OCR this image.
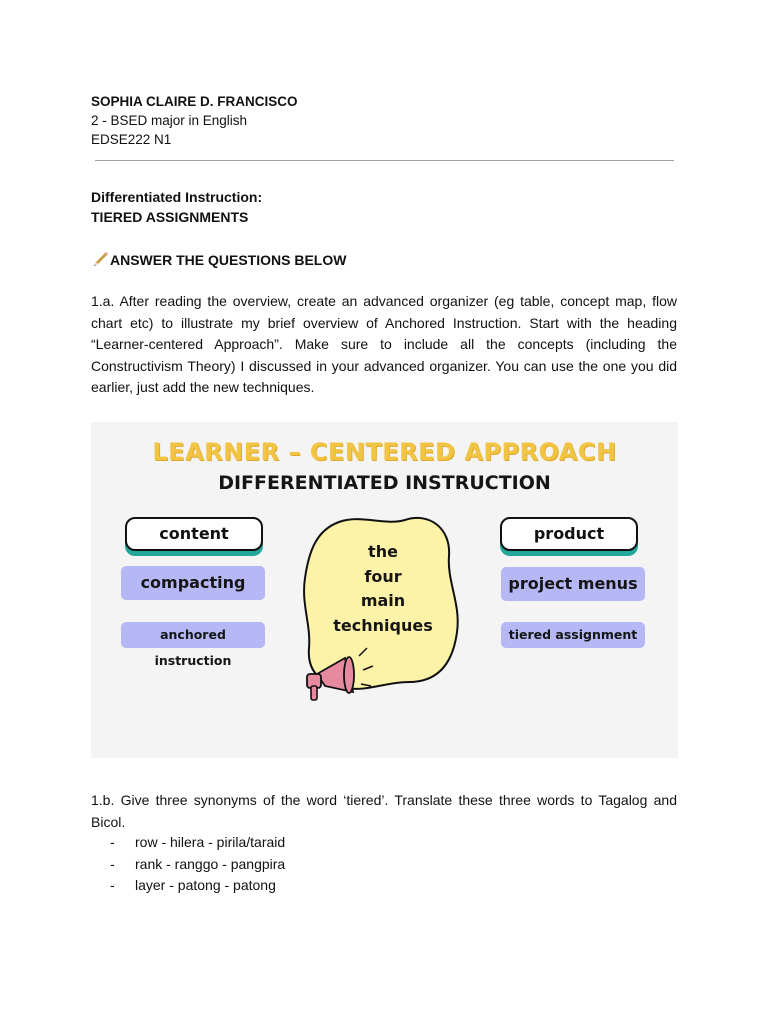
SOPHIA CLAIRE D. FRANCISCO
2 - BSED major in English
EDSE222 N1
Differentiated Instruction:
TIERED ASSIGNMENTS
ANSWER THE QUESTIONS BELOW
1.a. After reading the overview, create an advanced organizer (eg table, concept map, flow chart etc) to illustrate my brief overview of Anchored Instruction. Start with the heading “Learner-centered Approach”. Make sure to include all the concepts (including the Constructivism Theory) I discussed in your advanced organizer. You can use the one you did earlier, just add the new techniques.
LEARNER – CENTERED APPROACH
DIFFERENTIATED INSTRUCTION
content
compacting
anchored instruction
the
four
main
techniques
product
project menus
tiered assignment
1.b. Give three synonyms of the word ‘tiered’. Translate these three words to Tagalog and Bicol.
-	row - hilera - pirila/taraid
-	rank - ranggo - pangpira
-	layer - patong - patong
